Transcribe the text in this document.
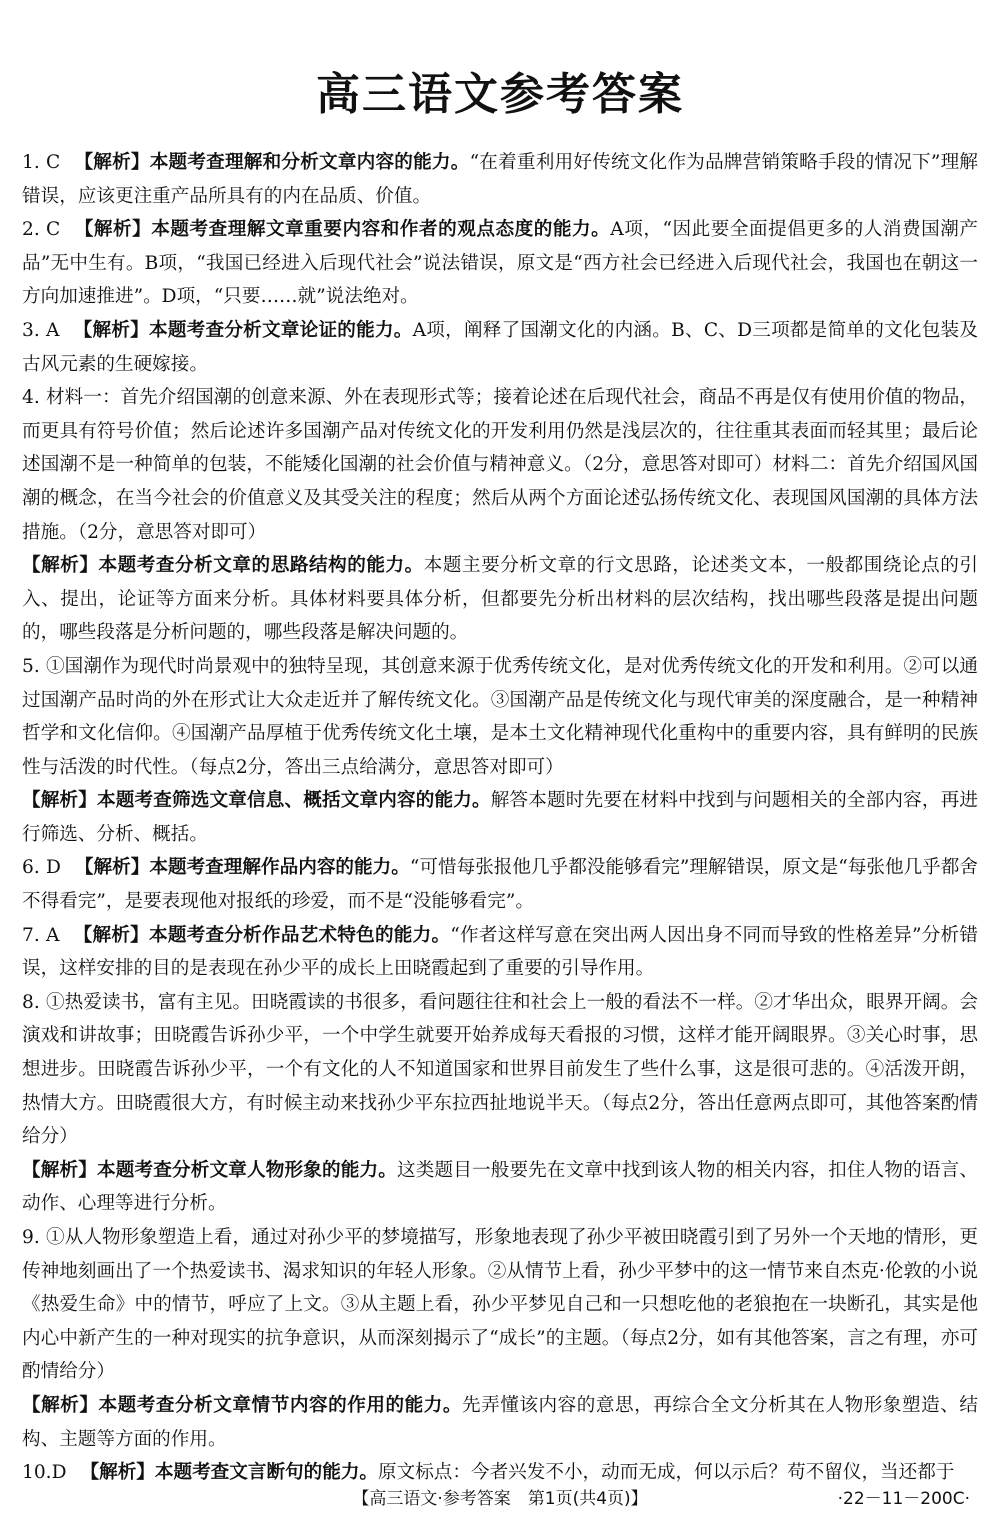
高三语文参考答案

1. C 【解析】本题考查理解和分析文章内容的能力。“在着重利用好传统文化作为品牌营销策略手段的情况下”理解错误，应该更注重产品所具有的内在品质、价值。

2. C 【解析】本题考查理解文章重要内容和作者的观点态度的能力。A项，“因此要全面提倡更多的人消费国潮产品”无中生有。B项，“我国已经进入后现代社会”说法错误，原文是“西方社会已经进入后现代社会，我国也在朝这一方向加速推进”。D项，“只要……就”说法绝对。

3. A 【解析】本题考查分析文章论证的能力。A项，阐释了国潮文化的内涵。B、C、D三项都是简单的文化包装及古风元素的生硬嫁接。

4. 材料一：首先介绍国潮的创意来源、外在表现形式等；接着论述在后现代社会，商品不再是仅有使用价值的物品，而更具有符号价值；然后论述许多国潮产品对传统文化的开发利用仍然是浅层次的，往往重其表面而轻其里；最后论述国潮不是一种简单的包装，不能矮化国潮的社会价值与精神意义。（2分，意思答对即可）材料二：首先介绍国风国潮的概念，在当今社会的价值意义及其受关注的程度；然后从两个方面论述弘扬传统文化、表现国风国潮的具体方法措施。（2分，意思答对即可）

【解析】本题考查分析文章的思路结构的能力。本题主要分析文章的行文思路，论述类文本，一般都围绕论点的引入、提出，论证等方面来分析。具体材料要具体分析，但都要先分析出材料的层次结构，找出哪些段落是提出问题的，哪些段落是分析问题的，哪些段落是解决问题的。

5. ①国潮作为现代时尚景观中的独特呈现，其创意来源于优秀传统文化，是对优秀传统文化的开发和利用。②可以通过国潮产品时尚的外在形式让大众走近并了解传统文化。③国潮产品是传统文化与现代审美的深度融合，是一种精神哲学和文化信仰。④国潮产品厚植于优秀传统文化土壤，是本土文化精神现代化重构中的重要内容，具有鲜明的民族性与活泼的时代性。（每点2分，答出三点给满分，意思答对即可）

【解析】本题考查筛选文章信息、概括文章内容的能力。解答本题时先要在材料中找到与问题相关的全部内容，再进行筛选、分析、概括。

6. D 【解析】本题考查理解作品内容的能力。“可惜每张报他几乎都没能够看完”理解错误，原文是“每张他几乎都舍不得看完”，是要表现他对报纸的珍爱，而不是“没能够看完”。

7. A 【解析】本题考查分析作品艺术特色的能力。“作者这样写意在突出两人因出身不同而导致的性格差异”分析错误，这样安排的目的是表现在孙少平的成长上田晓霞起到了重要的引导作用。

8. ①热爱读书，富有主见。田晓霞读的书很多，看问题往往和社会上一般的看法不一样。②才华出众，眼界开阔。会演戏和讲故事；田晓霞告诉孙少平，一个中学生就要开始养成每天看报的习惯，这样才能开阔眼界。③关心时事，思想进步。田晓霞告诉孙少平，一个有文化的人不知道国家和世界目前发生了些什么事，这是很可悲的。④活泼开朗，热情大方。田晓霞很大方，有时候主动来找孙少平东拉西扯地说半天。（每点2分，答出任意两点即可，其他答案酌情给分）

【解析】本题考查分析文章人物形象的能力。这类题目一般要先在文章中找到该人物的相关内容，扣住人物的语言、动作、心理等进行分析。

9. ①从人物形象塑造上看，通过对孙少平的梦境描写，形象地表现了孙少平被田晓霞引到了另外一个天地的情形，更传神地刻画出了一个热爱读书、渴求知识的年轻人形象。②从情节上看，孙少平梦中的这一情节来自杰克·伦敦的小说《热爱生命》中的情节，呼应了上文。③从主题上看，孙少平梦见自己和一只想吃他的老狼抱在一块断孔，其实是他内心中新产生的一种对现实的抗争意识，从而深刻揭示了“成长”的主题。（每点2分，如有其他答案，言之有理，亦可酌情给分）

【解析】本题考查分析文章情节内容的作用的能力。先弄懂该内容的意思，再综合全文分析其在人物形象塑造、结构、主题等方面的作用。

10.D 【解析】本题考查文言断句的能力。原文标点：今者兴发不小，动而无成，何以示后？苟不留仪，当还都于

【高三语文·参考答案　第1页(共4页)】	·22－11－200C·
